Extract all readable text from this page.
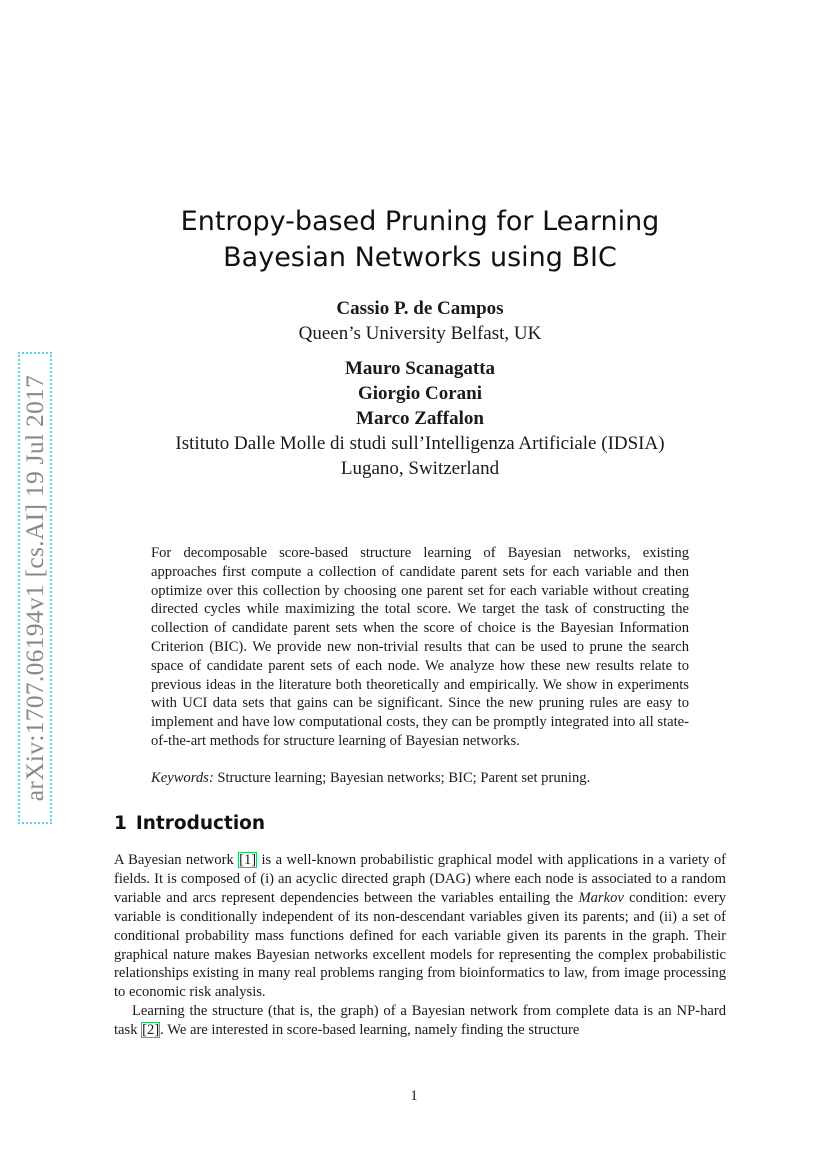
arXiv:1707.06194v1 [cs.AI] 19 Jul 2017
Entropy-based Pruning for Learning
Bayesian Networks using BIC
Cassio P. de Campos
Queen’s University Belfast, UK
Mauro Scanagatta
Giorgio Corani
Marco Zaffalon
Istituto Dalle Molle di studi sull’Intelligenza Artificiale (IDSIA)
Lugano, Switzerland

For decomposable score-based structure learning of Bayesian networks, existing approaches first compute a collection of candidate parent sets for each variable and then optimize over this collection by choosing one parent set for each variable without creating directed cycles while maximizing the total score. We target the task of constructing the collection of candidate parent sets when the score of choice is the Bayesian Information Criterion (BIC). We provide new non-trivial results that can be used to prune the search space of candidate parent sets of each node. We analyze how these new results relate to previous ideas in the literature both theoretically and empirically. We show in experiments with UCI data sets that gains can be significant. Since the new pruning rules are easy to implement and have low computational costs, they can be promptly integrated into all state-of-the-art methods for structure learning of Bayesian networks.

Keywords: Structure learning; Bayesian networks; BIC; Parent set pruning.

1 Introduction

A Bayesian network [1] is a well-known probabilistic graphical model with applications in a variety of fields. It is composed of (i) an acyclic directed graph (DAG) where each node is associated to a random variable and arcs represent dependencies between the variables entailing the Markov condition: every variable is conditionally independent of its non-descendant variables given its parents; and (ii) a set of conditional probability mass functions defined for each variable given its parents in the graph. Their graphical nature makes Bayesian networks excellent models for representing the complex probabilistic relationships existing in many real problems ranging from bioinformatics to law, from image processing to economic risk analysis.

Learning the structure (that is, the graph) of a Bayesian network from complete data is an NP-hard task [2]. We are interested in score-based learning, namely finding the structure

1
